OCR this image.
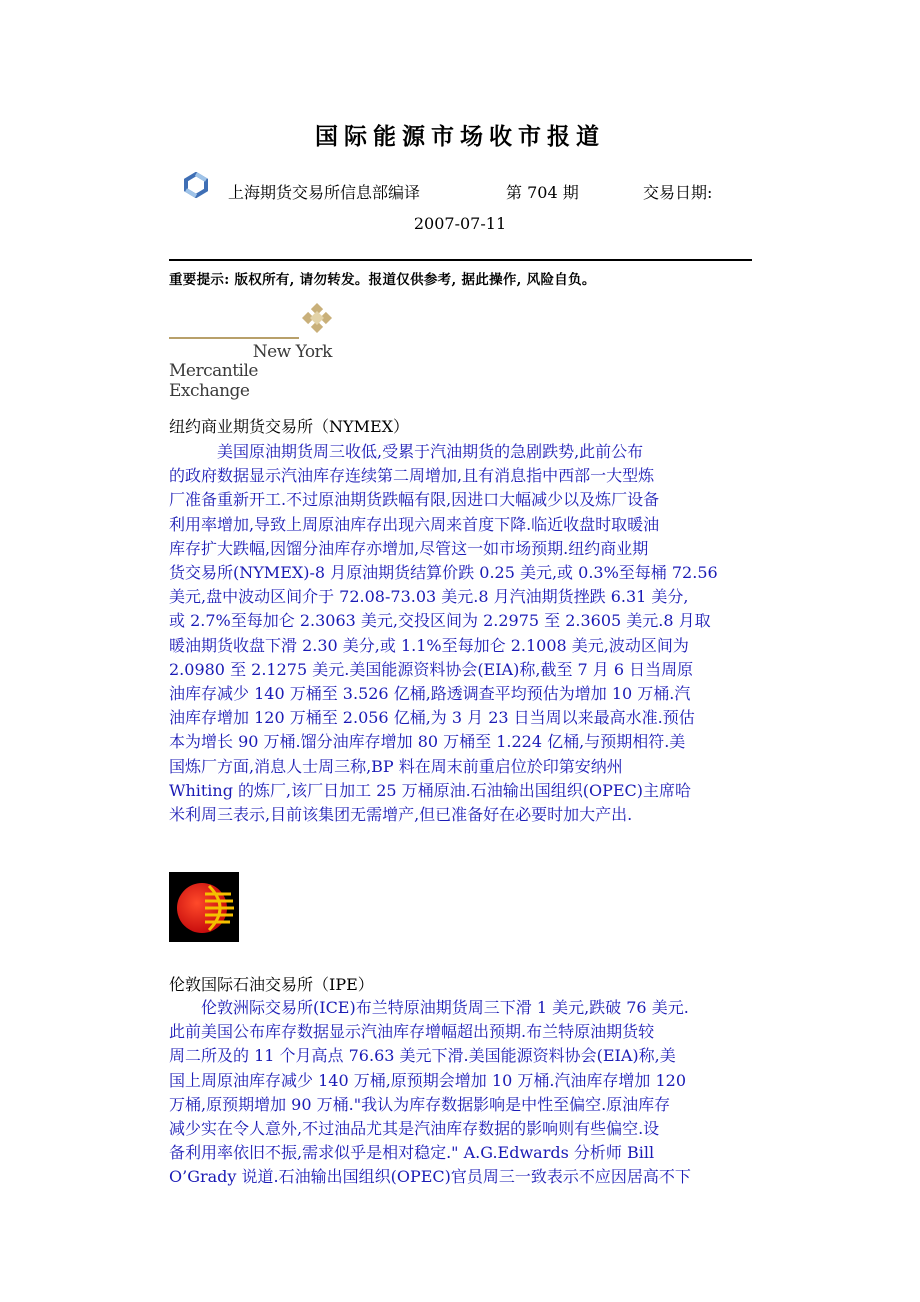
国际能源市场收市报道
上海期货交易所信息部编译	第 704 期	交易日期:
2007-07-11
重要提示: 版权所有, 请勿转发。报道仅供参考, 据此操作, 风险自负。
New York
Mercantile Exchange
纽约商业期货交易所（NYMEX）
　　　美国原油期货周三收低,受累于汽油期货的急剧跌势,此前公布
的政府数据显示汽油库存连续第二周增加,且有消息指中西部一大型炼
厂准备重新开工.不过原油期货跌幅有限,因进口大幅减少以及炼厂设备
利用率增加,导致上周原油库存出现六周来首度下降.临近收盘时取暖油
库存扩大跌幅,因馏分油库存亦增加,尽管这一如市场预期.纽约商业期
货交易所(NYMEX)-8 月原油期货结算价跌 0.25 美元,或 0.3%至每桶 72.56
美元,盘中波动区间介于 72.08-73.03 美元.8 月汽油期货挫跌 6.31 美分,
或 2.7%至每加仑 2.3063 美元,交投区间为 2.2975 至 2.3605 美元.8 月取
暖油期货收盘下滑 2.30 美分,或 1.1%至每加仑 2.1008 美元,波动区间为
2.0980 至 2.1275 美元.美国能源资料协会(EIA)称,截至 7 月 6 日当周原
油库存减少 140 万桶至 3.526 亿桶,路透调查平均预估为增加 10 万桶.汽
油库存增加 120 万桶至 2.056 亿桶,为 3 月 23 日当周以来最高水准.预估
本为增长 90 万桶.馏分油库存增加 80 万桶至 1.224 亿桶,与预期相符.美
国炼厂方面,消息人士周三称,BP 料在周末前重启位於印第安纳州
Whiting 的炼厂,该厂日加工 25 万桶原油.石油输出国组织(OPEC)主席哈
米利周三表示,目前该集团无需增产,但已准备好在必要时加大产出.
伦敦国际石油交易所（IPE）
　　伦敦洲际交易所(ICE)布兰特原油期货周三下滑 1 美元,跌破 76 美元.
此前美国公布库存数据显示汽油库存增幅超出预期.布兰特原油期货较
周二所及的 11 个月高点 76.63 美元下滑.美国能源资料协会(EIA)称,美
国上周原油库存减少 140 万桶,原预期会增加 10 万桶.汽油库存增加 120
万桶,原预期增加 90 万桶."我认为库存数据影响是中性至偏空.原油库存
减少实在令人意外,不过油品尤其是汽油库存数据的影响则有些偏空.设
备利用率依旧不振,需求似乎是相对稳定." A.G.Edwards 分析师 Bill
O’Grady 说道.石油输出国组织(OPEC)官员周三一致表示不应因居高不下
